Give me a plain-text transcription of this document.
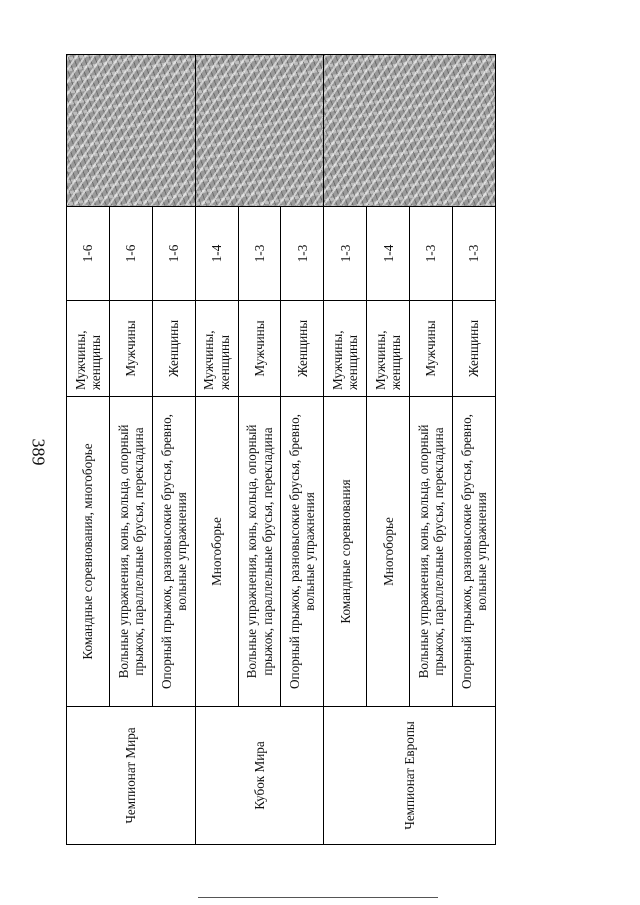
389
Чемпионат Мира	Командные соревнования, многоборье	Мужчины, женщины	1-6	
	Вольные упражнения, конь, кольца, опорный прыжок, параллельные брусья, перекладина	Мужчины	1-6	
	Опорный прыжок, разновысокие брусья, бревно, вольные упражнения	Женщины	1-6	
Кубок Мира	Многоборье	Мужчины, женщины	1-4	
	Вольные упражнения, конь, кольца, опорный прыжок, параллельные брусья, перекладина	Мужчины	1-3	
	Опорный прыжок, разновысокие брусья, бревно, вольные упражнения	Женщины	1-3	
Чемпионат Европы	Командные соревнования	Мужчины, женщины	1-3	
	Многоборье	Мужчины, женщины	1-4	
	Вольные упражнения, конь, кольца, опорный прыжок, параллельные брусья, перекладина	Мужчины	1-3	
	Опорный прыжок, разновысокие брусья, бревно, вольные упражнения	Женщины	1-3	
